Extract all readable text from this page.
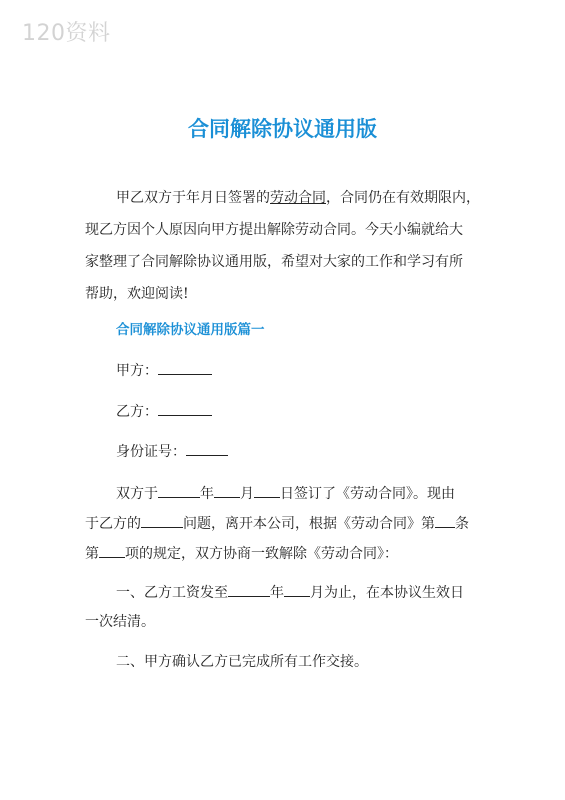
120资料
合同解除协议通用版
甲乙双方于年月日签署的劳动合同，合同仍在有效期限内，
现乙方因个人原因向甲方提出解除劳动合同。今天小编就给大
家整理了合同解除协议通用版，希望对大家的工作和学习有所
帮助，欢迎阅读!
合同解除协议通用版篇一
甲方：
乙方：
身份证号：
双方于	年 月 日签订了《劳动合同》。现由
于乙方的	问题，离开本公司，根据《劳动合同》第 条
第 项的规定，双方协商一致解除《劳动合同》：
一、乙方工资发至	年 月为止，在本协议生效日
一次结清。
二、甲方确认乙方已完成所有工作交接。
